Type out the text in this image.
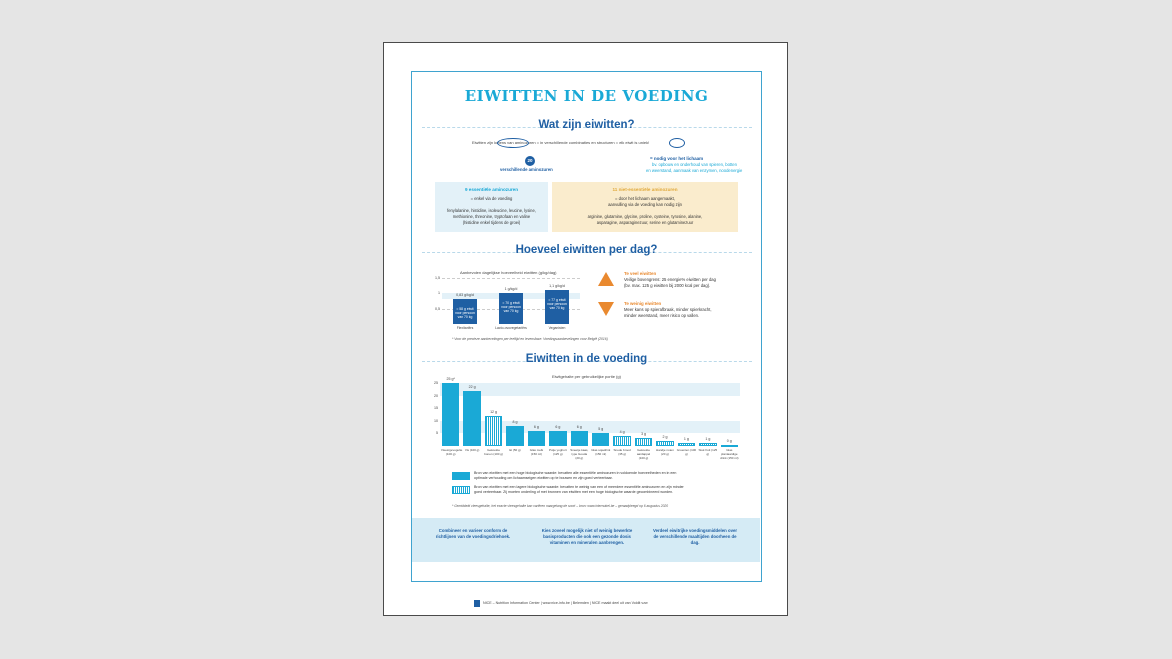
EIWITTEN IN DE VOEDING
Wat zijn eiwitten?
Eiwitten zijn ketens van aminozuren = in verschillende combinaties en structuren = elk eiwit is uniek!
20
verschillende aminozuren
= nodig voor het lichaam
bv. opbouw en onderhoud van spieren, botten
en weerstand, aanmaak van enzymen, noodenergie
9 essentiële aminozuren
= enkel via de voeding
fenylalanine, histidine, isoleucine, leucine, lysine,
methionine, threonine, tryptofaan en valine
(histidine enkel tijdens de groei)
11 niet-essentiële aminozuren
= door het lichaam aangemaakt,
aanvulling via de voeding kan nodig zijn
arginine, glutamine, glycine, proline, cysteine, tyrosine, alanine,
asparagine, asparaginezuur, serine en glutaminezuur
Hoeveel eiwitten per dag?
Aanbevolen dagelijkse hoeveelheid eiwitten (g/kg/dag)
1,5
1
0,5
0,83 g/kg/d
= 58 g eiwit voor persoon van 70 kg
Flexitariërs
1 g/kg/d
= 70 g eiwit voor persoon van 70 kg
Lacto-ovovegetariërs
1,1 g/kg/d
= 77 g eiwit voor persoon van 70 kg
Veganisten
* Voor de precieze aanbevelingen per leeftijd en levensfase: Voedingsaanbevelingen voor België (2016)
Te veel eiwitten
Veilige bovengrens: 25 energie% eiwitten per dag
(bv. max. 125 g eiwitten bij 2000 kcal per dag).
Te weinig eiwitten
Meer kans op spierafbraak, minder spierkracht,
minder weerstand, meer risico op vallen.
Eiwitten in de voeding
Eiwitgehalte per gebruikelijke portie (g)
25
20
15
10
5
25 g*
Vlees/gevogelte (100 g)
22 g
Vis (100 g)
12 g
Gekookte bonen (100 g)
8 g
Ei (50 g)
6 g
Glas melk (150 ml)
6 g
Potje yoghurt (125 g)
6 g
Sneetje kaas, type Gouda (20 g)
5 g
Glas sojadrink (150 ml)
4 g
Snede brood (35 g)
3 g
Gekookte aardappel (100 g)
2 g
Handje noten (20 g)
1 g
Groenten (100 g)
1 g
Stuk fruit (125 g)
0 g
Glas plantaardige drink (150 ml)
Bron van eiwitten met een hoge biologische waarde: bevatten alle essentiële aminozuren in voldoende hoeveelheden en in een
optimale verhouding om lichaamseigen eiwitten op te bouwen en zijn goed verteerbaar.
Bron van eiwitten met een lagere biologische waarde: bevatten te weinig van een of meerdere essentiële aminozuren en zijn minder
goed verteerbaar. Zij moeten onderling of met bronnen van eiwitten met een hoge biologische waarde gecombineerd worden.
* Gemiddeld vleesgehalte, het exacte vleesgehalte kan variëren naargelang de soort – bron: www.internubel.be – geraadpleegd op 6 augustus 2020
Combineer en varieer conform de richtlijnen van de voedingsdriehoek.
Kies zoveel mogelijk niet of weinig bewerkte basisproducten die ook een gezonde dosis vitaminen en mineralen aanbrengen.
Verdeel eiwitrijke voedingsmiddelen over de verschillende maaltijden doorheen de dag.
NICE – Nutrition Information Center | www.nice-info.be | Belemden | NICE maakt deel uit van Voldit vzw
